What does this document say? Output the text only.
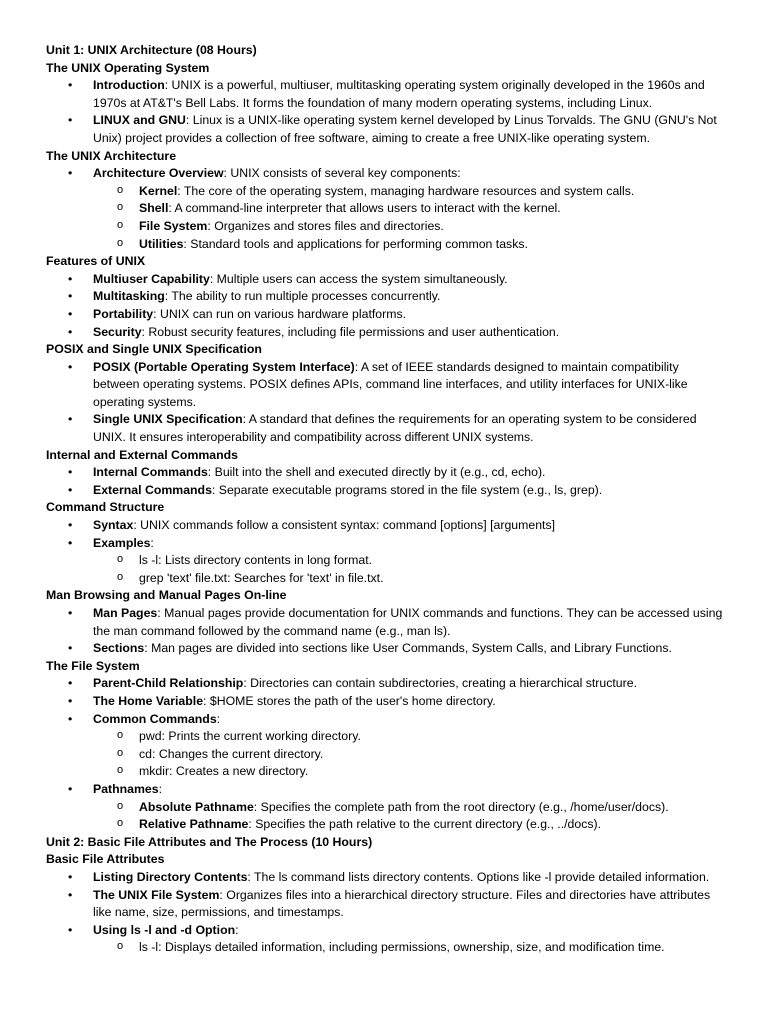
Unit 1: UNIX Architecture (08 Hours)
The UNIX Operating System
• Introduction: UNIX is a powerful, multiuser, multitasking operating system originally developed in the 1960s and 1970s at AT&T's Bell Labs. It forms the foundation of many modern operating systems, including Linux.
• LINUX and GNU: Linux is a UNIX-like operating system kernel developed by Linus Torvalds. The GNU (GNU's Not Unix) project provides a collection of free software, aiming to create a free UNIX-like operating system.
The UNIX Architecture
• Architecture Overview: UNIX consists of several key components:
o Kernel: The core of the operating system, managing hardware resources and system calls.
o Shell: A command-line interpreter that allows users to interact with the kernel.
o File System: Organizes and stores files and directories.
o Utilities: Standard tools and applications for performing common tasks.
Features of UNIX
• Multiuser Capability: Multiple users can access the system simultaneously.
• Multitasking: The ability to run multiple processes concurrently.
• Portability: UNIX can run on various hardware platforms.
• Security: Robust security features, including file permissions and user authentication.
POSIX and Single UNIX Specification
• POSIX (Portable Operating System Interface): A set of IEEE standards designed to maintain compatibility between operating systems. POSIX defines APIs, command line interfaces, and utility interfaces for UNIX-like operating systems.
• Single UNIX Specification: A standard that defines the requirements for an operating system to be considered UNIX. It ensures interoperability and compatibility across different UNIX systems.
Internal and External Commands
• Internal Commands: Built into the shell and executed directly by it (e.g., cd, echo).
• External Commands: Separate executable programs stored in the file system (e.g., ls, grep).
Command Structure
• Syntax: UNIX commands follow a consistent syntax: command [options] [arguments]
• Examples:
o ls -l: Lists directory contents in long format.
o grep 'text' file.txt: Searches for 'text' in file.txt.
Man Browsing and Manual Pages On-line
• Man Pages: Manual pages provide documentation for UNIX commands and functions. They can be accessed using the man command followed by the command name (e.g., man ls).
• Sections: Man pages are divided into sections like User Commands, System Calls, and Library Functions.
The File System
• Parent-Child Relationship: Directories can contain subdirectories, creating a hierarchical structure.
• The Home Variable: $HOME stores the path of the user's home directory.
• Common Commands:
o pwd: Prints the current working directory.
o cd: Changes the current directory.
o mkdir: Creates a new directory.
• Pathnames:
o Absolute Pathname: Specifies the complete path from the root directory (e.g., /home/user/docs).
o Relative Pathname: Specifies the path relative to the current directory (e.g., ../docs).
Unit 2: Basic File Attributes and The Process (10 Hours)
Basic File Attributes
• Listing Directory Contents: The ls command lists directory contents. Options like -l provide detailed information.
• The UNIX File System: Organizes files into a hierarchical directory structure. Files and directories have attributes like name, size, permissions, and timestamps.
• Using ls -l and -d Option:
o ls -l: Displays detailed information, including permissions, ownership, size, and modification time.
